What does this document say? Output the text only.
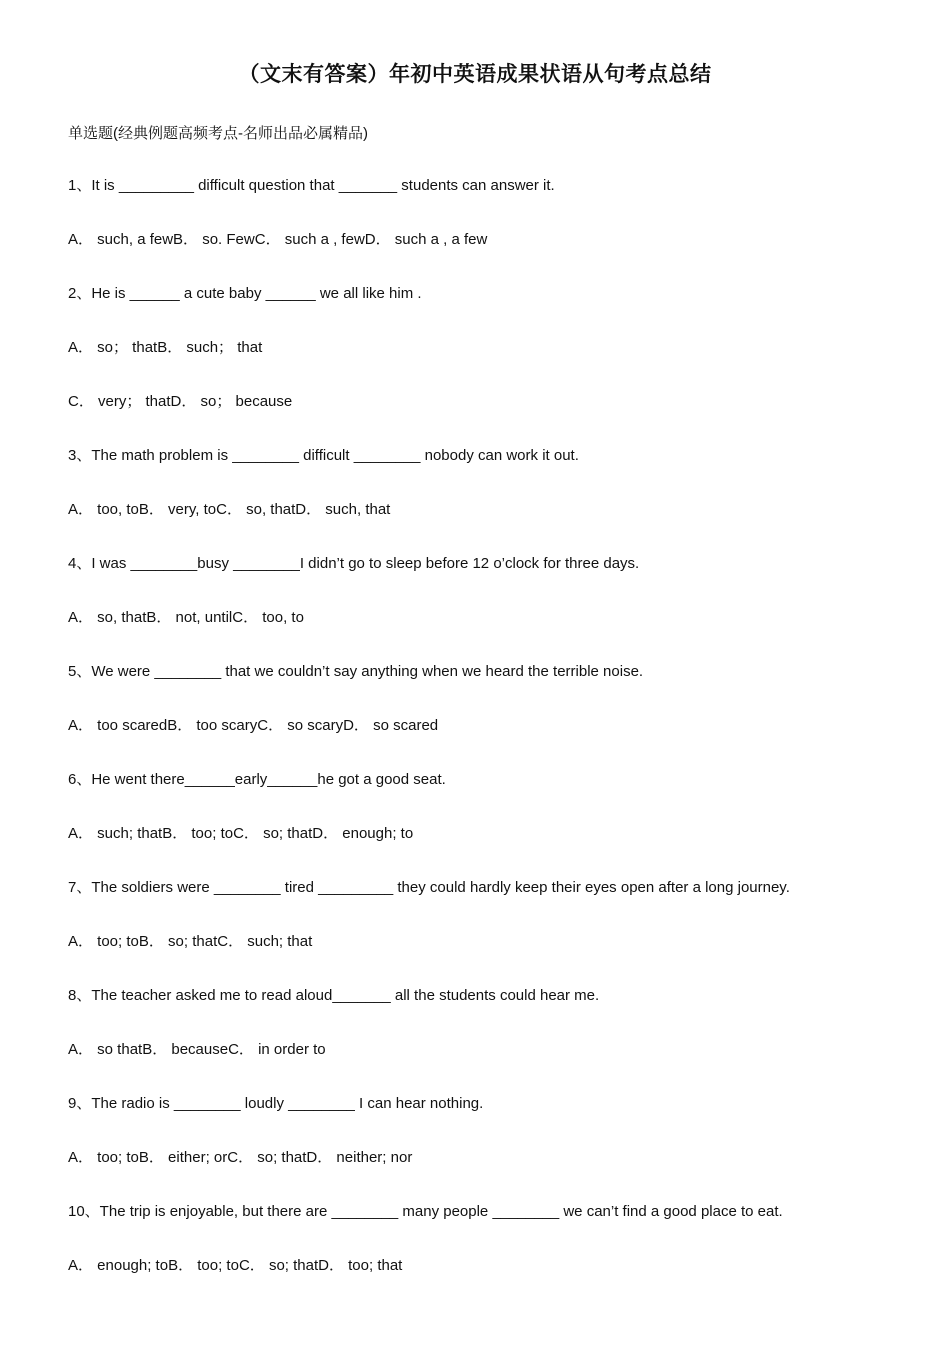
（文末有答案）年初中英语成果状语从句考点总结
单选题(经典例题高频考点-名师出品必属精品)
1、It is _________ difficult question that _______ students can answer it.
A． such, a fewB． so. FewC． such a , fewD． such a , a few
2、He is ______ a cute baby ______ we all like him .
A． so； thatB． such； that
C． very； thatD． so； because
3、The math problem is ________ difficult ________ nobody can work it out.
A． too, toB． very, toC． so, thatD． such, that
4、I was ________busy ________I didn’t go to sleep before 12 o’clock for three days.
A． so, thatB． not, untilC． too, to
5、We were ________ that we couldn’t say anything when we heard the terrible noise.
A． too scaredB． too scaryC． so scaryD． so scared
6、He went there______early______he got a good seat.
A． such; thatB． too; toC． so; thatD． enough; to
7、The soldiers were ________ tired _________ they could hardly keep their eyes open after a long journey.
A． too; toB． so; thatC． such; that
8、The teacher asked me to read aloud_______ all the students could hear me.
A． so thatB． becauseC． in order to
9、The radio is ________ loudly ________ I can hear nothing.
A． too; toB． either; orC． so; thatD． neither; nor
10、The trip is enjoyable, but there are ________ many people ________ we can’t find a good place to eat.
A． enough; toB． too; toC． so; thatD． too; that
